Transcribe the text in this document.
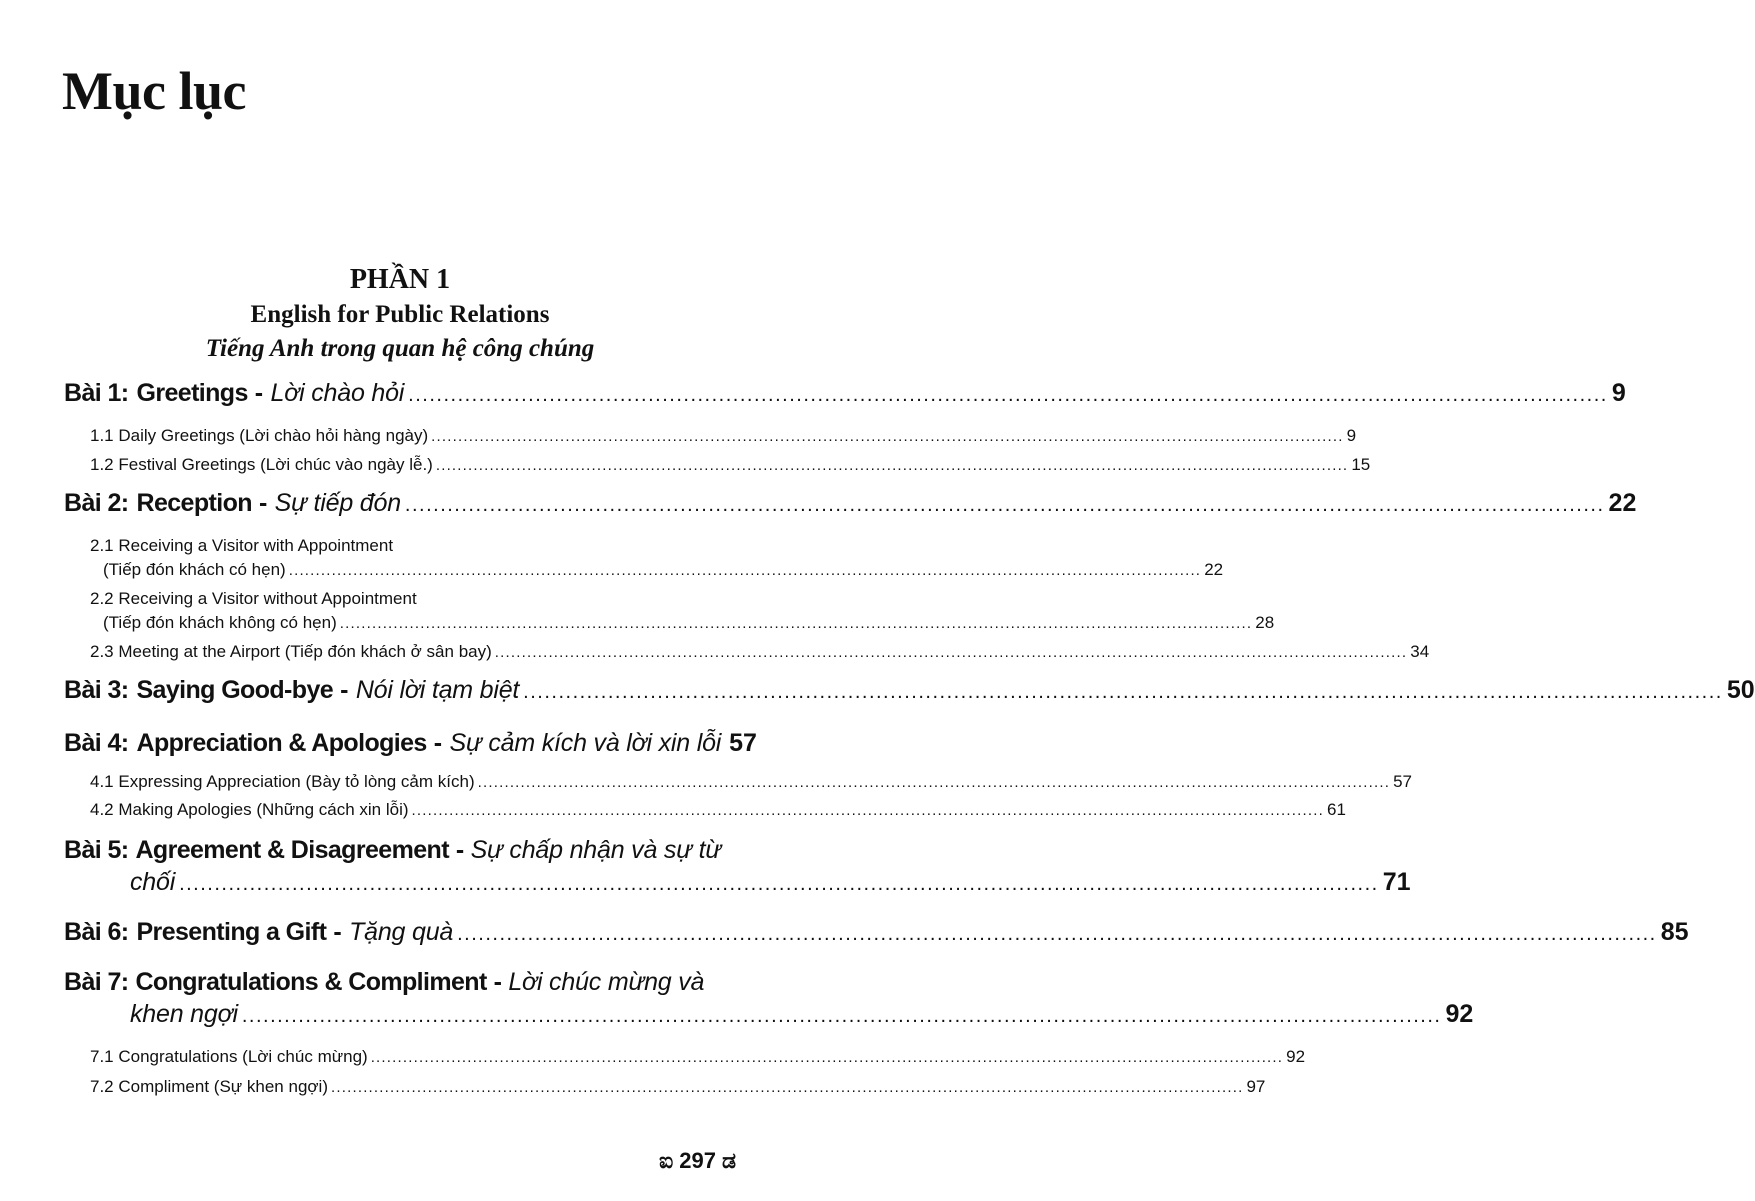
Mục lục
PHẦN 1
English for Public Relations
Tiếng Anh trong quan hệ công chúng
Bài 1: Greetings - Lời chào hỏi .......................................................................................................................................................................... 9
1.1
Daily Greetings (Lời chào hỏi hàng ngày) .......................................................................................................................................................................... 9
1.2
Festival Greetings (Lời chúc vào ngày lễ.) .......................................................................................................................................................................... 15
Bài 2: Reception - Sự tiếp đón .......................................................................................................................................................................... 22
2.1 Receiving a Visitor with Appointment
(Tiếp đón khách có hẹn) .......................................................................................................................................................................... 22
2.2 Receiving a Visitor without Appointment
(Tiếp đón khách không có hẹn) .......................................................................................................................................................................... 28
2.3
Meeting at the Airport (Tiếp đón khách ở sân bay) .......................................................................................................................................................................... 34
Bài 3: Saying Good-bye - Nói lời tạm biệt .......................................................................................................................................................................... 50
Bài 4: Appreciation & Apologies - Sự cảm kích và lời xin lỗi 57
4.1
Expressing Appreciation (Bày tỏ lòng cảm kích) .......................................................................................................................................................................... 57
4.2
Making Apologies (Những cách xin lỗi) .......................................................................................................................................................................... 61
Bài 5: Agreement & Disagreement - Sự chấp nhận và sự từ
chối .......................................................................................................................................................................... 71
Bài 6: Presenting a Gift - Tặng quà .......................................................................................................................................................................... 85
Bài 7: Congratulations & Compliment - Lời chúc mừng và
khen ngợi .......................................................................................................................................................................... 92
7.1
Congratulations (Lời chúc mừng) .......................................................................................................................................................................... 92
7.2
Compliment (Sự khen ngợi) .......................................................................................................................................................................... 97
ಐ 297 ಡ
